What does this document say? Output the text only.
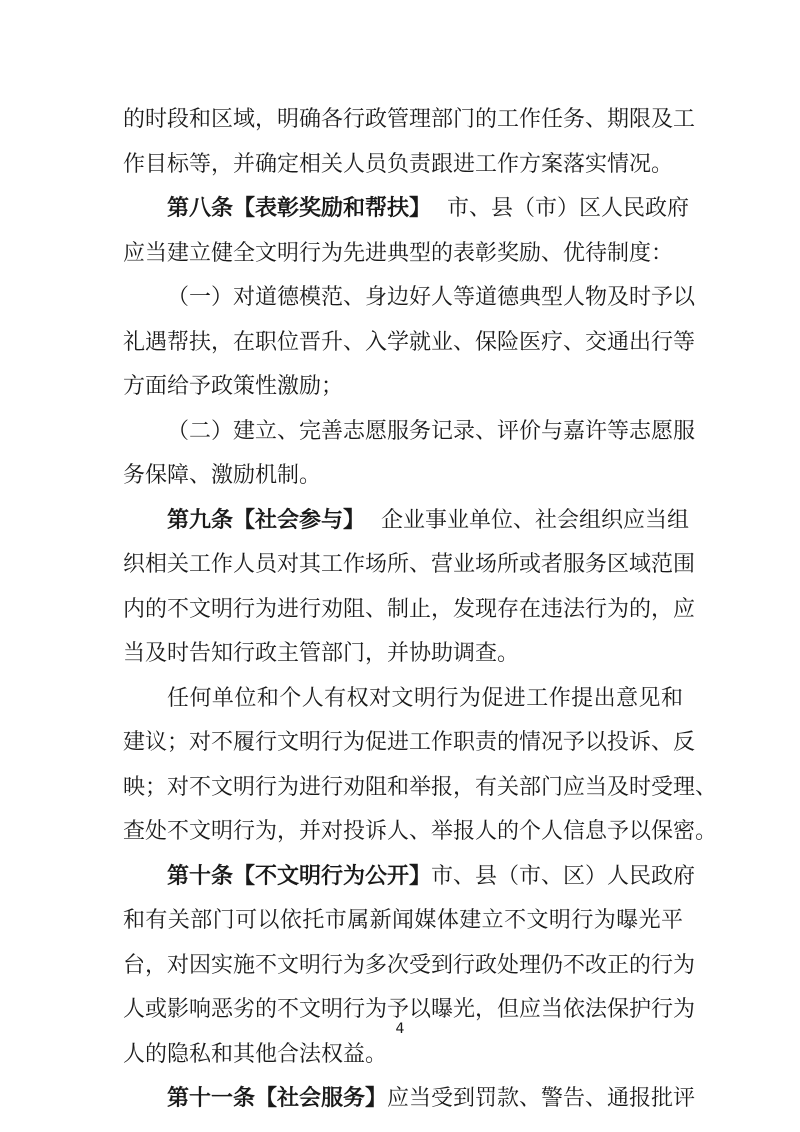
4
的时段和区域，明确各行政管理部门的工作任务、期限及工
作目标等，并确定相关人员负责跟进工作方案落实情况。
第八条【表彰奖励和帮扶】 市、县（市）区人民政府
应当建立健全文明行为先进典型的表彰奖励、优待制度：
（一）对道德模范、身边好人等道德典型人物及时予以
礼遇帮扶，在职位晋升、入学就业、保险医疗、交通出行等
方面给予政策性激励；
（二）建立、完善志愿服务记录、评价与嘉许等志愿服
务保障、激励机制。
第九条【社会参与】 企业事业单位、社会组织应当组
织相关工作人员对其工作场所、营业场所或者服务区域范围
内的不文明行为进行劝阻、制止，发现存在违法行为的，应
当及时告知行政主管部门，并协助调查。
任何单位和个人有权对文明行为促进工作提出意见和
建议；对不履行文明行为促进工作职责的情况予以投诉、反
映；对不文明行为进行劝阻和举报，有关部门应当及时受理、
查处不文明行为，并对投诉人、举报人的个人信息予以保密。
第十条【不文明行为公开】市、县（市、区）人民政府
和有关部门可以依托市属新闻媒体建立不文明行为曝光平
台，对因实施不文明行为多次受到行政处理仍不改正的行为
人或影响恶劣的不文明行为予以曝光，但应当依法保护行为
人的隐私和其他合法权益。
第十一条【社会服务】应当受到罚款、警告、通报批评
